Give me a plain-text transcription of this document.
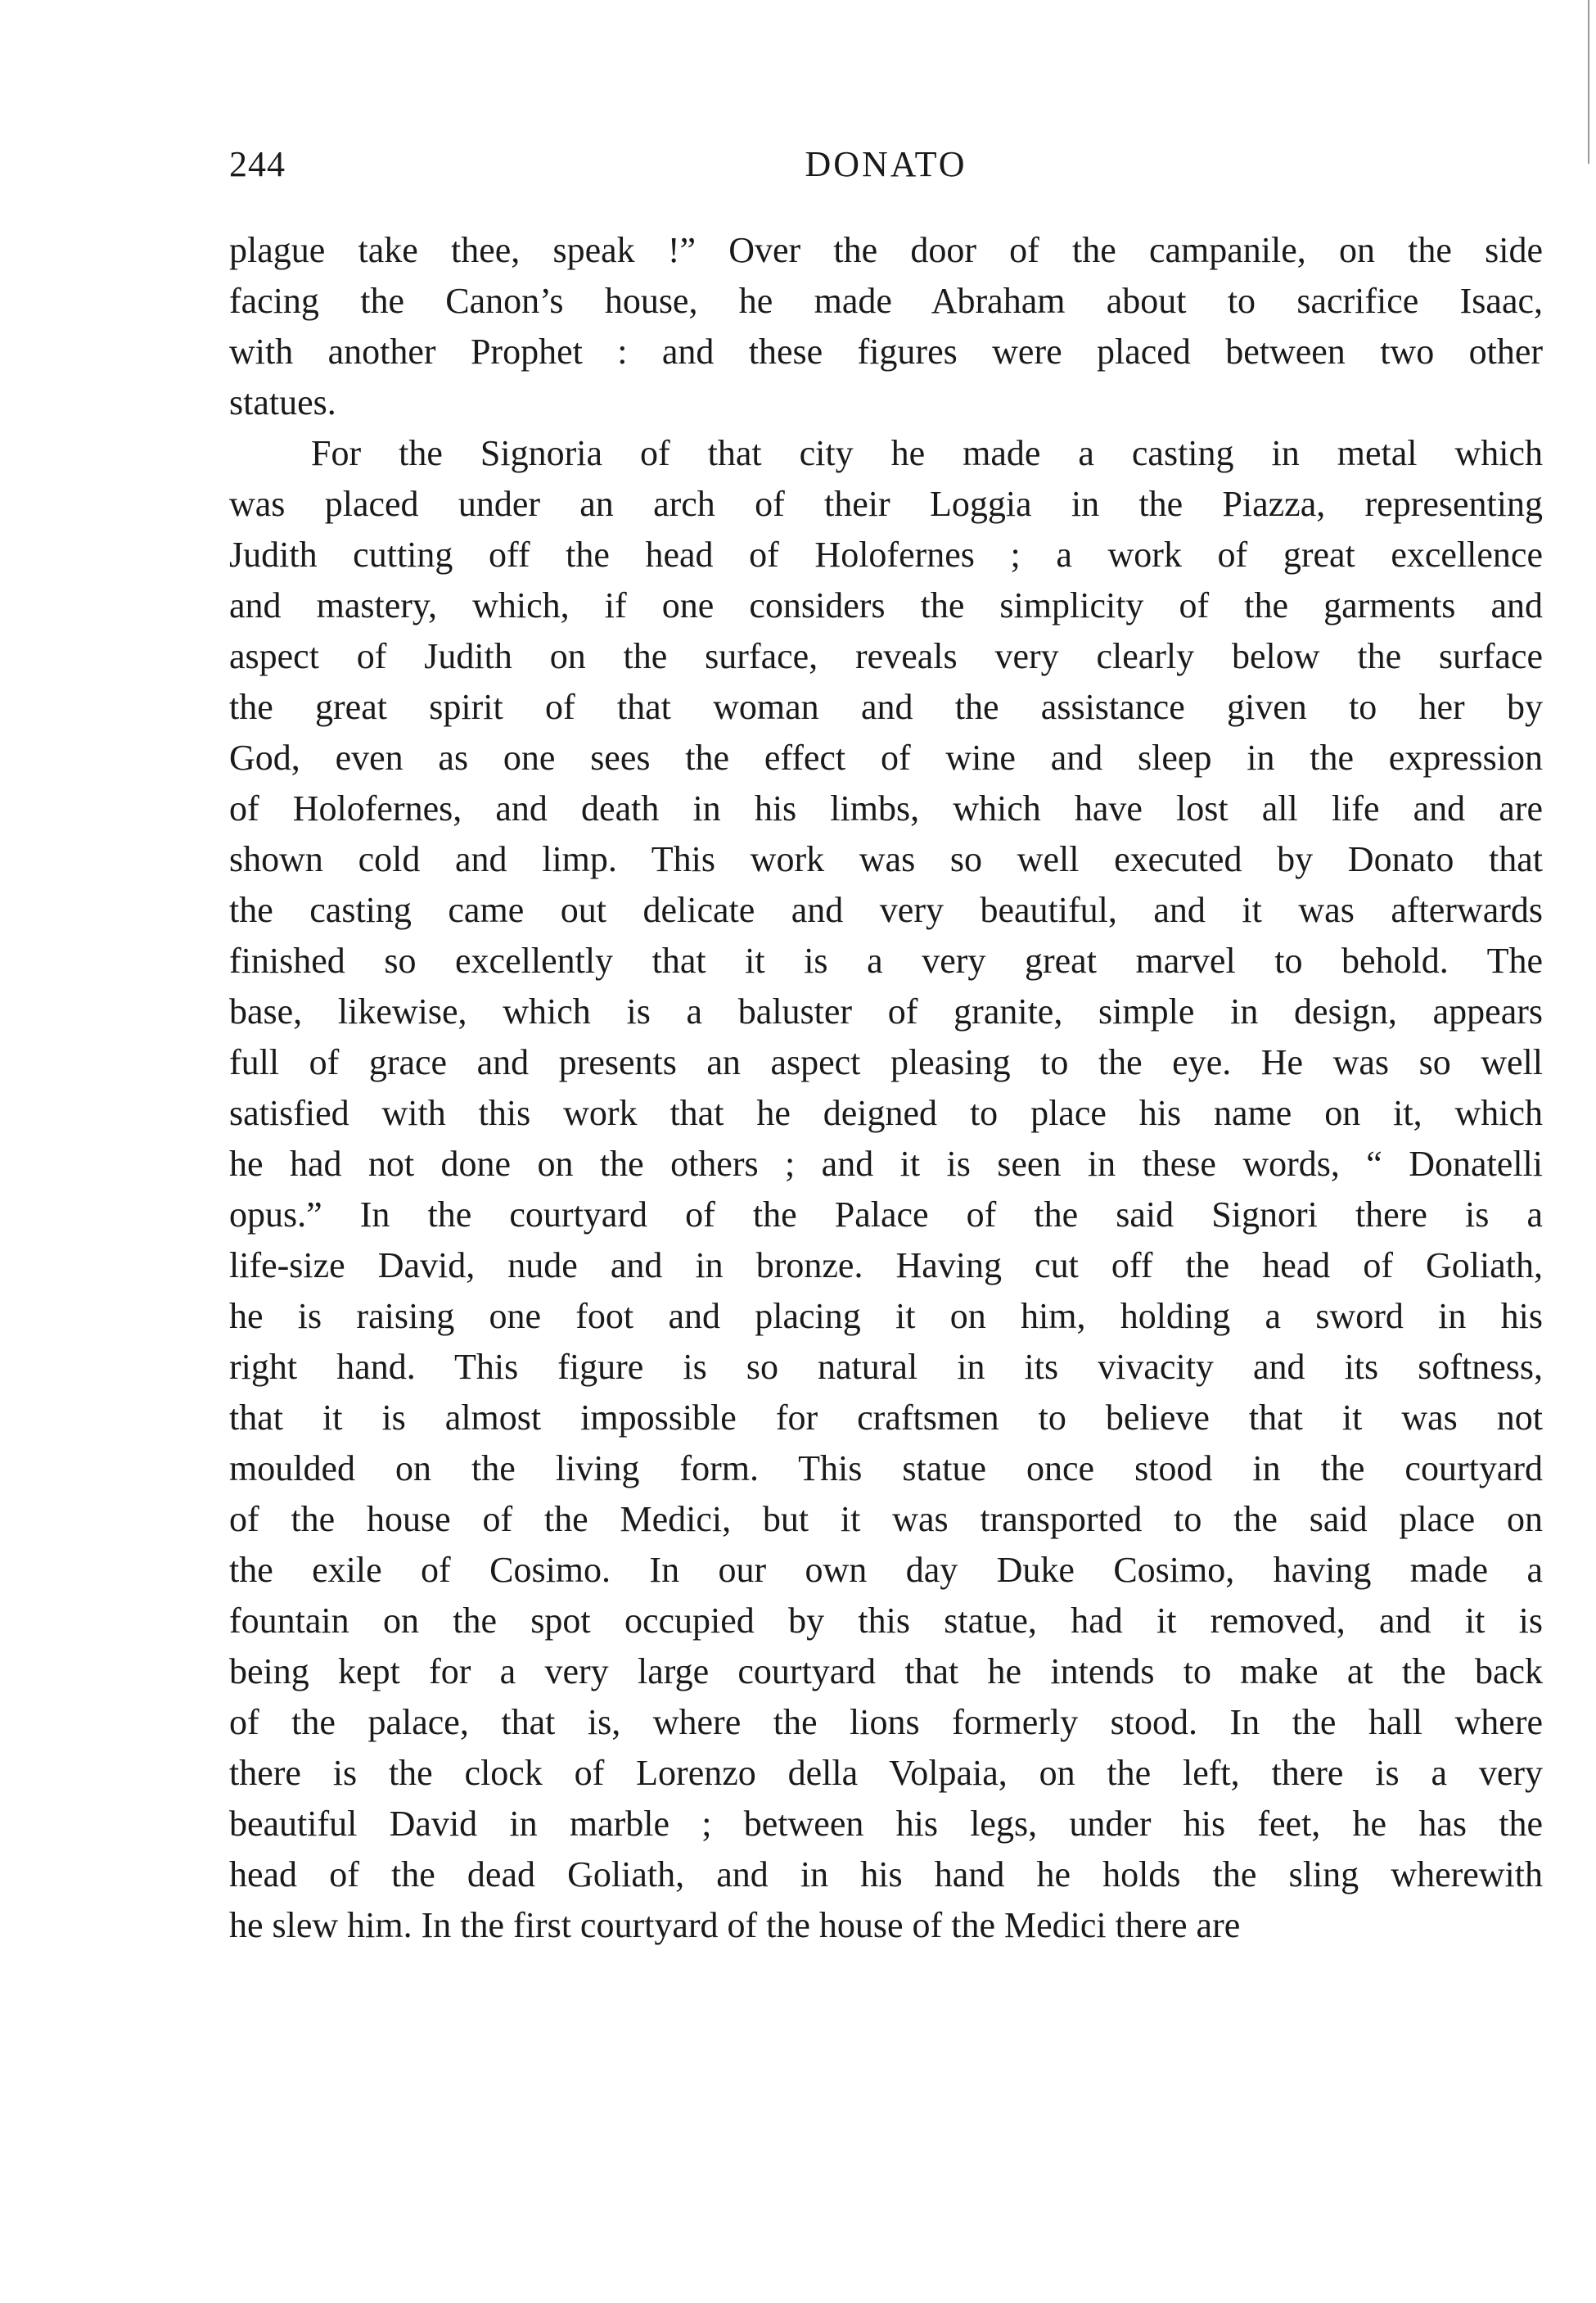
244	DONATO
plague take thee, speak !” Over the door of the campanile, on the side
facing the Canon’s house, he made Abraham about to sacrifice Isaac,
with another Prophet : and these figures were placed between two other
statues.
For the Signoria of that city he made a casting in metal which
was placed under an arch of their Loggia in the Piazza, representing
Judith cutting off the head of Holofernes ; a work of great excellence
and mastery, which, if one considers the simplicity of the garments and
aspect of Judith on the surface, reveals very clearly below the surface
the great spirit of that woman and the assistance given to her by
God, even as one sees the effect of wine and sleep in the expression
of Holofernes, and death in his limbs, which have lost all life and are
shown cold and limp. This work was so well executed by Donato that
the casting came out delicate and very beautiful, and it was afterwards
finished so excellently that it is a very great marvel to behold. The
base, likewise, which is a baluster of granite, simple in design, appears
full of grace and presents an aspect pleasing to the eye. He was so well
satisfied with this work that he deigned to place his name on it, which
he had not done on the others ; and it is seen in these words, “ Donatelli
opus.” In the courtyard of the Palace of the said Signori there is a
life-size David, nude and in bronze. Having cut off the head of Goliath,
he is raising one foot and placing it on him, holding a sword in his
right hand. This figure is so natural in its vivacity and its softness,
that it is almost impossible for craftsmen to believe that it was not
moulded on the living form. This statue once stood in the courtyard
of the house of the Medici, but it was transported to the said place on
the exile of Cosimo. In our own day Duke Cosimo, having made a
fountain on the spot occupied by this statue, had it removed, and it is
being kept for a very large courtyard that he intends to make at the back
of the palace, that is, where the lions formerly stood. In the hall where
there is the clock of Lorenzo della Volpaia, on the left, there is a very
beautiful David in marble ; between his legs, under his feet, he has the
head of the dead Goliath, and in his hand he holds the sling wherewith
he slew him. In the first courtyard of the house of the Medici there are
